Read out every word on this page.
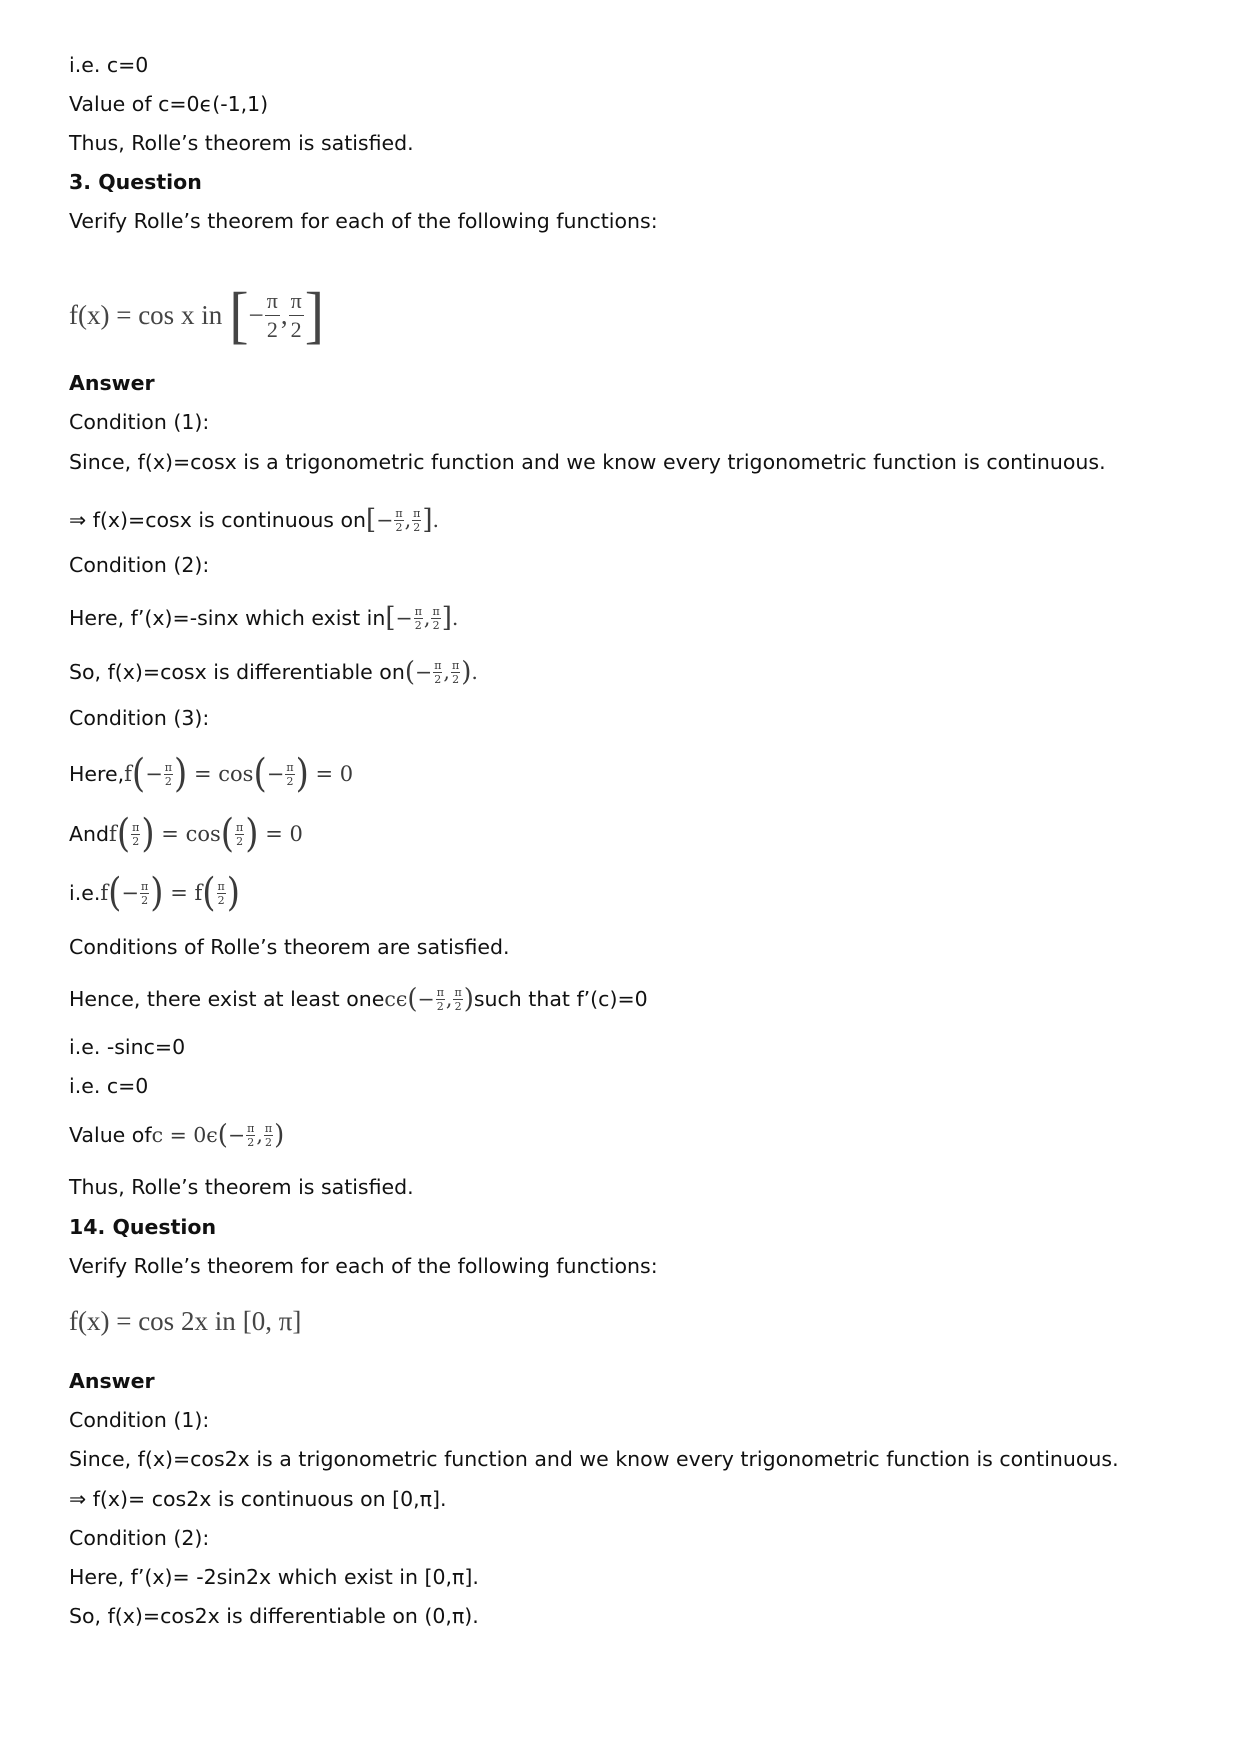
i.e. c=0
Value of c=0ϵ(-1,1)
Thus, Rolle’s theorem is satisfied.
3. Question
Verify Rolle’s theorem for each of the following functions:
f(x) = cos x in [ − $\frac{\pi}{2}$ , $\frac{\pi}{2}$ ]
Answer
Condition (1):
Since, f(x)=cosx is a trigonometric function and we know every trigonometric function is continuous.
⇒ f(x)=cosx is continuous on [ − $\frac{\pi}{2}$ , $\frac{\pi}{2}$ ] .
Condition (2):
Here, f’(x)=-sinx which exist in [ − $\frac{\pi}{2}$ , $\frac{\pi}{2}$ ] .
So, f(x)=cosx is differentiable on ( − $\frac{\pi}{2}$ , $\frac{\pi}{2}$ ) .
Condition (3):
Here, f ( − $\frac{\pi}{2}$ )
=
cos ( − $\frac{\pi}{2}$ )
= 0
And f ( $\frac{\pi}{2}$ )
=
cos ( $\frac{\pi}{2}$ )
= 0
i.e. f ( − $\frac{\pi}{2}$ )
=
f ( $\frac{\pi}{2}$ )
Conditions of Rolle’s theorem are satisfied.
Hence, there exist at least one cϵ ( − $\frac{\pi}{2}$ , $\frac{\pi}{2}$ ) such that f’(c)=0
i.e. -sinc=0
i.e. c=0
Value of c = 0ϵ ( − $\frac{\pi}{2}$ , $\frac{\pi}{2}$ )
Thus, Rolle’s theorem is satisfied.
14. Question
Verify Rolle’s theorem for each of the following functions:
f(x) = cos 2x in [0, π]
Answer
Condition (1):
Since, f(x)=cos2x is a trigonometric function and we know every trigonometric function is continuous.
⇒ f(x)= cos2x is continuous on [0,π].
Condition (2):
Here, f’(x)= -2sin2x which exist in [0,π].
So, f(x)=cos2x is differentiable on (0,π).
